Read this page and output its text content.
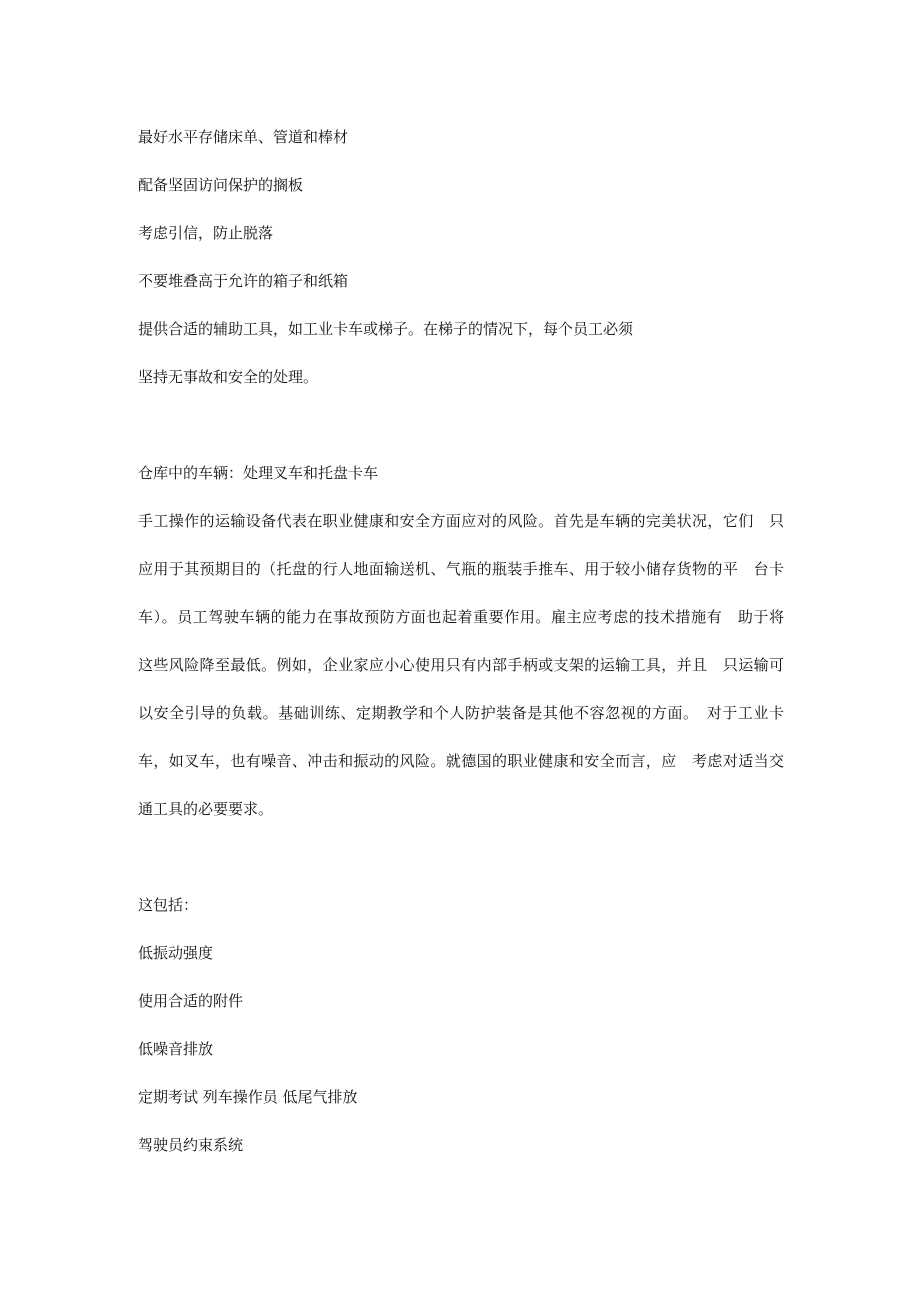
最好水平存储床单、管道和棒材

配备坚固访问保护的搁板

考虑引信，防止脱落

不要堆叠高于允许的箱子和纸箱

提供合适的辅助工具，如工业卡车或梯子。在梯子的情况下，每个员工必须

坚持无事故和安全的处理。

仓库中的车辆：处理叉车和托盘卡车

手工操作的运输设备代表在职业健康和安全方面应对的风险。首先是车辆的完美状况，它们　只

应用于其预期目的（托盘的行人地面输送机、气瓶的瓶装手推车、用于较小储存货物的平　台卡

车）。员工驾驶车辆的能力在事故预防方面也起着重要作用。雇主应考虑的技术措施有　助于将

这些风险降至最低。例如，企业家应小心使用只有内部手柄或支架的运输工具，并且　只运输可

以安全引导的负载。基础训练、定期教学和个人防护装备是其他不容忽视的方面。　对于工业卡

车，如叉车，也有噪音、冲击和振动的风险。就德国的职业健康和安全而言，应　考虑对适当交

通工具的必要要求。

这包括：

低振动强度

使用合适的附件

低噪音排放

定期考试 列车操作员 低尾气排放

驾驶员约束系统
